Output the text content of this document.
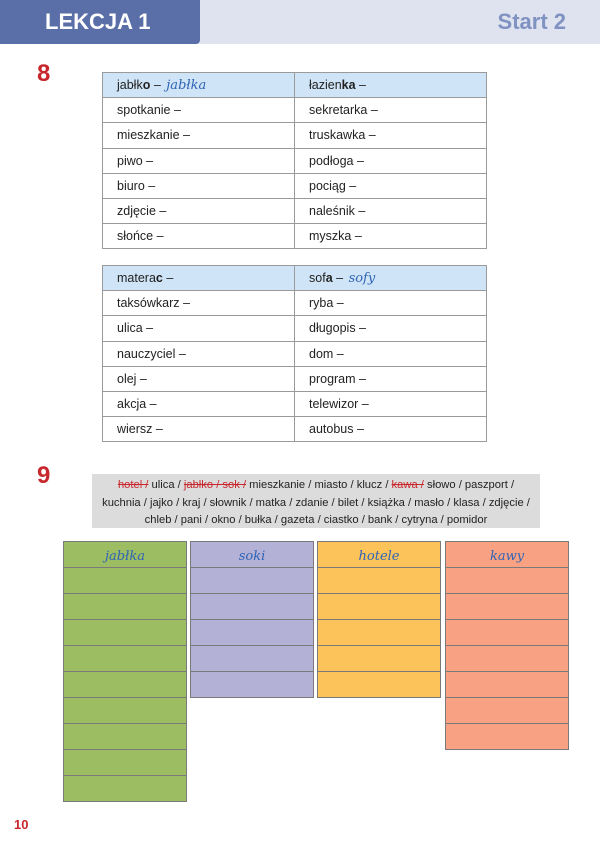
LEKCJA 1	Start 2
8	jabłko – jabłka	łazienka –
spotkanie –	sekretarka –
mieszkanie –	truskawka –
piwo –	podłoga –
biuro –	pociąg –
zdjęcie –	naleśnik –
słońce –	myszka –
materac –	sofa – sofy
taksówkarz –	ryba –
ulica –	długopis –
nauczyciel –	dom –
olej –	program –
akcja –	telewizor –
wiersz –	autobus –
9	hotel / ulica / jabłko / sok / mieszkanie / miasto / klucz / kawa / słowo / paszport / kuchnia / jajko / kraj / słownik / matka / zdanie / bilet / książka / masło / klasa / zdjęcie / chleb / pani / okno / bułka / gazeta / ciastko / bank / cytryna / pomidor
jabłka	soki	hotele	kawy
10
